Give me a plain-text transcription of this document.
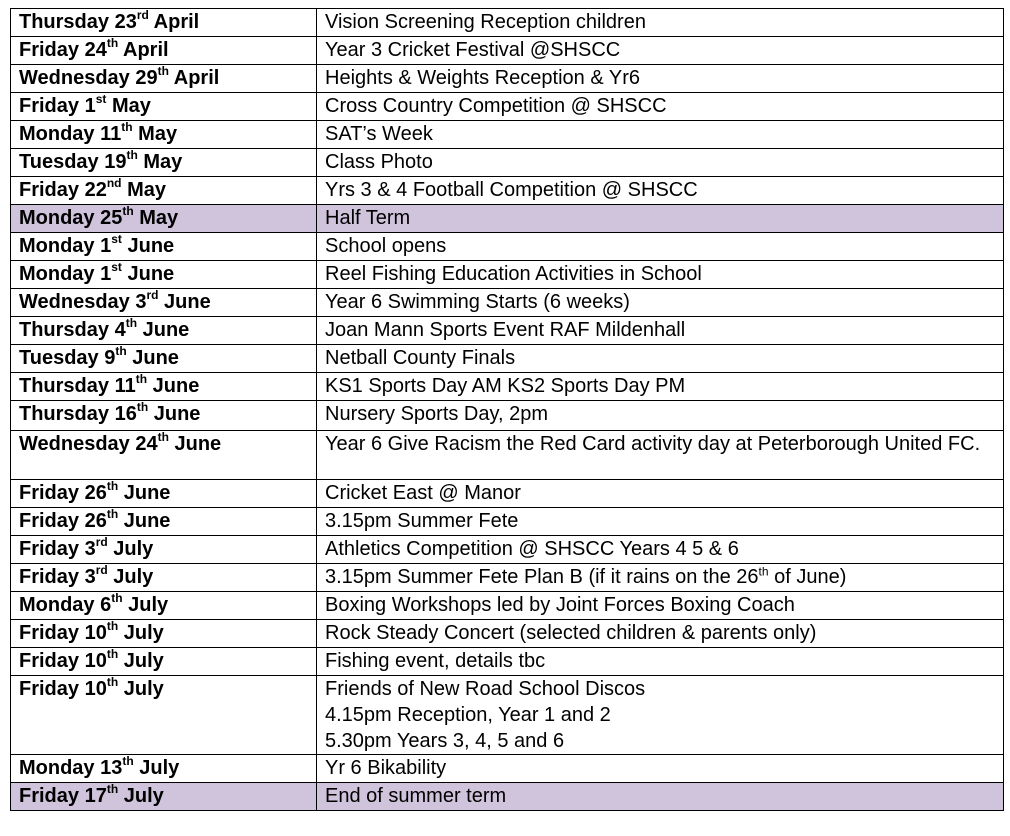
Thursday 23rd April	Vision Screening Reception children

Friday 24th April	Year 3 Cricket Festival @SHSCC

Wednesday 29th April	Heights & Weights Reception & Yr6

Friday 1st May	Cross Country Competition @ SHSCC

Monday 11th May	SAT’s Week

Tuesday 19th May	Class Photo

Friday 22nd May	Yrs 3 & 4 Football Competition @ SHSCC

Monday 25th May	Half Term

Monday 1st June	School opens

Monday 1st June	Reel Fishing Education Activities in School

Wednesday 3rd June	Year 6 Swimming Starts (6 weeks)

Thursday 4th June	Joan Mann Sports Event RAF Mildenhall

Tuesday 9th June	Netball County Finals

Thursday 11th June	KS1 Sports Day AM KS2 Sports Day PM

Thursday 16th June	Nursery Sports Day, 2pm

Wednesday 24th June	Year 6 Give Racism the Red Card activity day at Peterborough United FC.

Friday 26th June	Cricket East @ Manor

Friday 26th June	3.15pm Summer Fete

Friday 3rd July	Athletics Competition @ SHSCC Years 4 5 & 6

Friday 3rd July	3.15pm Summer Fete Plan B (if it rains on the 26th of June)
Monday 6th July	Boxing Workshops led by Joint Forces Boxing Coach

Friday 10th July	Rock Steady Concert (selected children & parents only)

Friday 10th July	Fishing event, details tbc

Friday 10th July	Friends of New Road School Discos
4.15pm Reception, Year 1 and 2
5.30pm Years 3, 4, 5 and 6

Monday 13th July	Yr 6 Bikability

Friday 17th July	End of summer term
